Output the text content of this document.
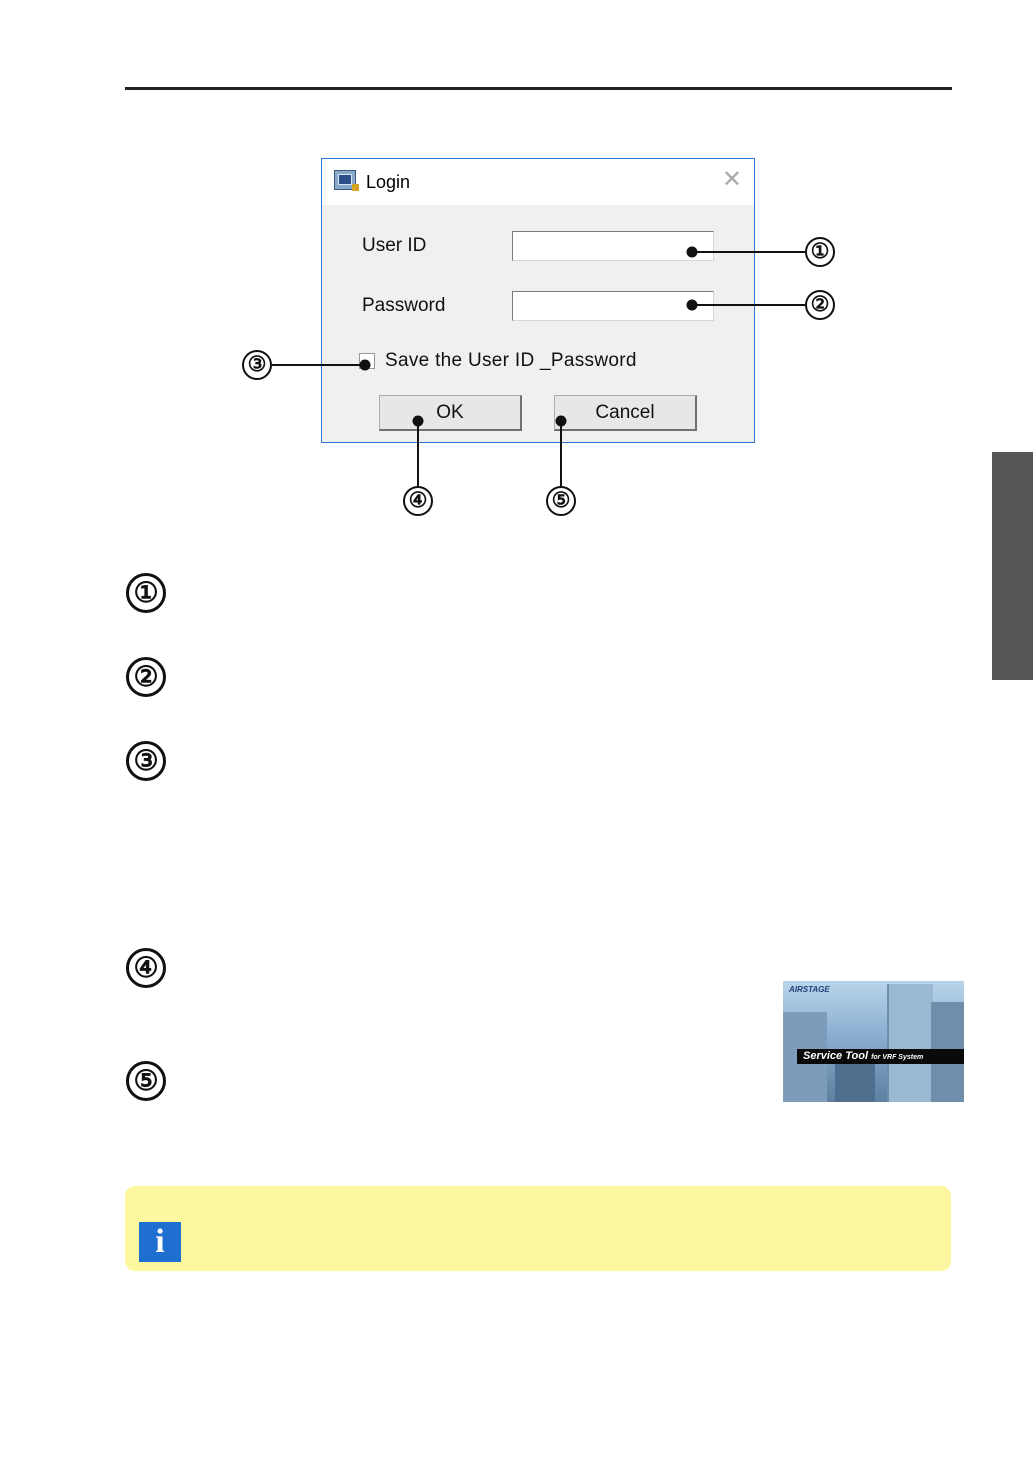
Login	✕
User ID
Password
Save the User ID _Password
OK	Cancel
①
②
③
④	⑤
①
②
③
④
⑤
AIRSTAGE
Service Tool for VRF System
i
